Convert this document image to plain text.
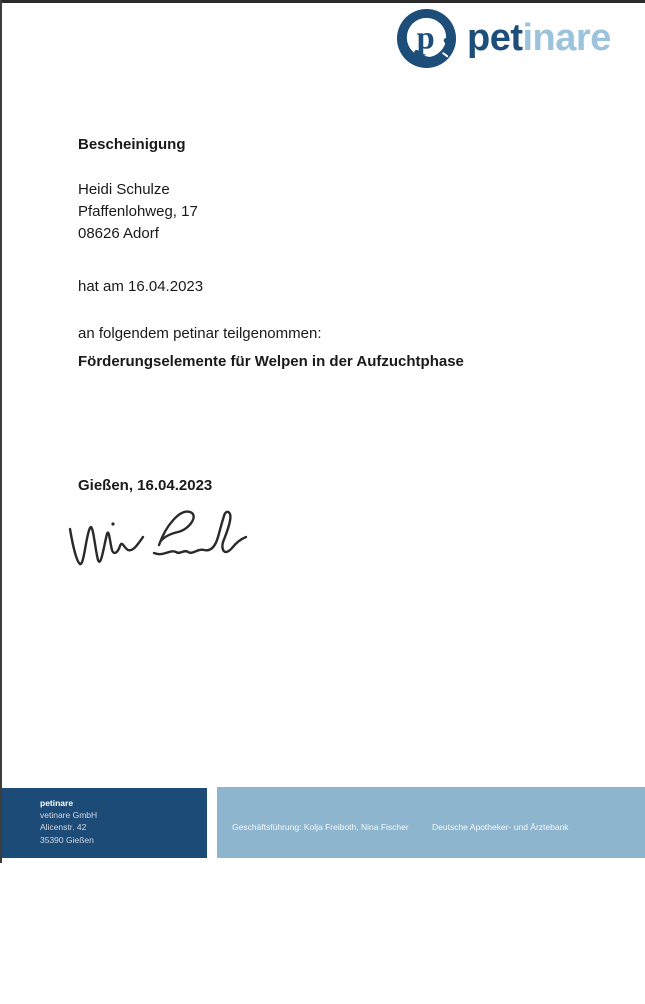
p petinare
Bescheinigung
Heidi Schulze
Pfaffenlohweg, 17
08626 Adorf
hat am 16.04.2023
an folgendem petinar teilgenommen:
Förderungselemente für Welpen in der Aufzuchtphase
Gießen, 16.04.2023
petinare
vetinare GmbH
Alicenstr. 42
35390 Gießen

Geschäftsführung: Kolja Freiboth, Nina Fischer

Telefon       +49(0)177 - 7 96 65 28

E-Mail: info@petinare.de

www.petinare.de

Deutsche Apotheker- und Ärztebank

IBAN: DE40300606010026714305

BIC: DAAEDEDD

USt-IdNr.: DE346735912

Amtsgericht Gießen HRB 10626
